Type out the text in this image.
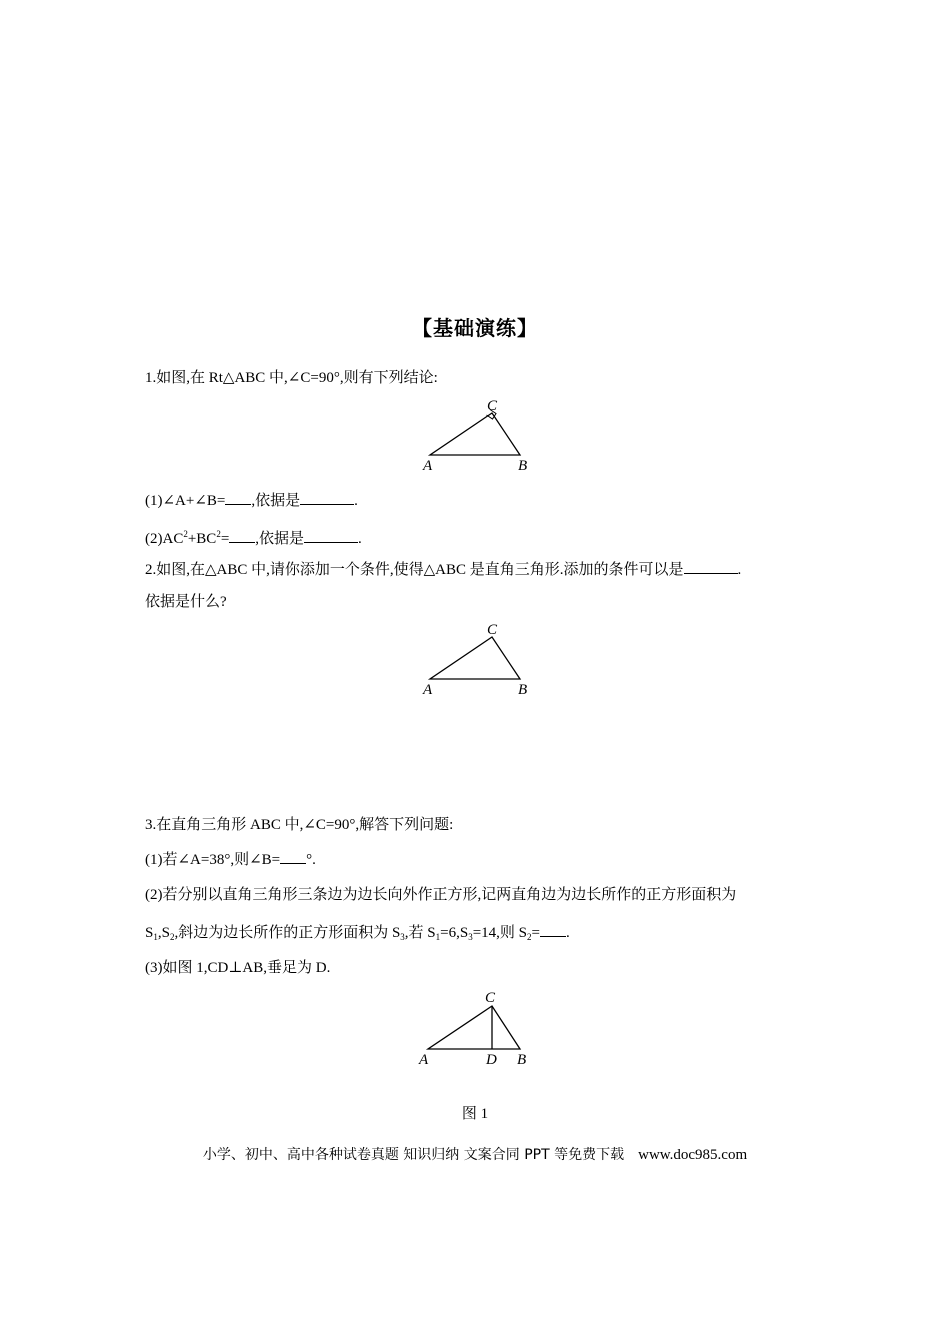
【基础演练】
1.如图,在 Rt△ABC 中,∠C=90°,则有下列结论:
A	B
C
(1)∠A+∠B= ,依据是	.
$(2)AC^2+BC^2=$ ,依据是	.
2.如图,在△ABC 中,请你添加一个条件,使得△ABC 是直角三角形.添加的条件可以是	.
依据是什么?
A	B
C
3.在直角三角形 ABC 中,∠C=90°,解答下列问题:
(1)若∠A=38°,则∠B= °.
(2)若分别以直角三角形三条边为边长向外作正方形,记两直角边为边长所作的正方形面积为
$S_1,S_2$,斜边为边长所作的正方形面积为 $S_3$,若 $S_1=6,S_3=14$,则 $S_2=$ .
(3)如图 1,CD⊥AB,垂足为 D.
A	B
C
D
图 1
小学、初中、高中各种试卷真题 知识归纳 文案合同 PPT 等免费下载 www.doc985.com
